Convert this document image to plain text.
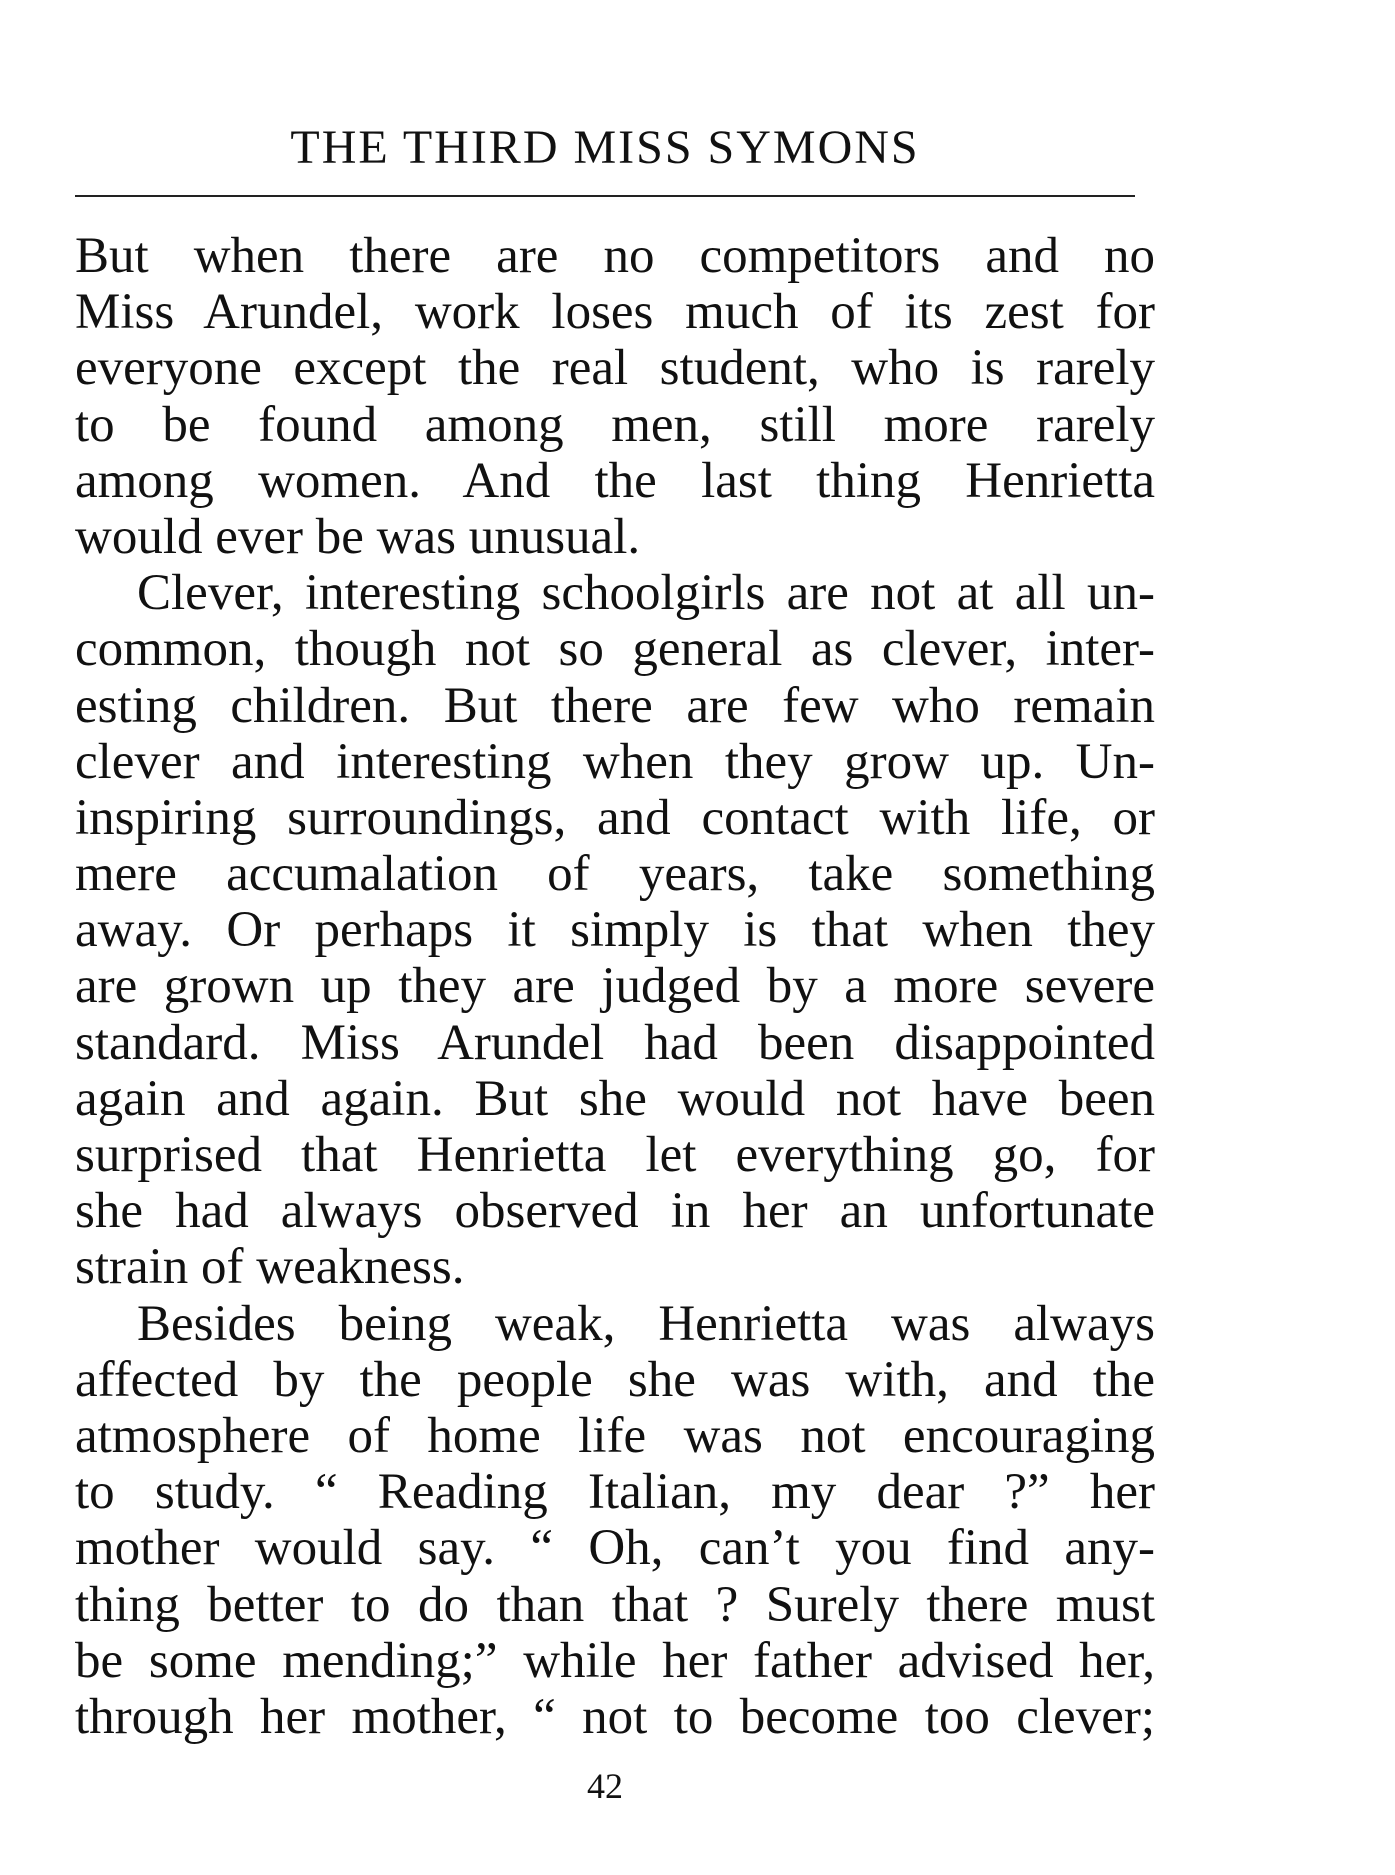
THE THIRD MISS SYMONS
But when there are no competitors and no
Miss Arundel, work loses much of its zest for
everyone except the real student, who is rarely
to be found among men, still more rarely
among women. And the last thing Henrietta
would ever be was unusual.
Clever, interesting schoolgirls are not at all un-
common, though not so general as clever, inter-
esting children. But there are few who remain
clever and interesting when they grow up. Un-
inspiring surroundings, and contact with life, or
mere accumalation of years, take something
away. Or perhaps it simply is that when they
are grown up they are judged by a more severe
standard. Miss Arundel had been disappointed
again and again. But she would not have been
surprised that Henrietta let everything go, for
she had always observed in her an unfortunate
strain of weakness.
Besides being weak, Henrietta was always
affected by the people she was with, and the
atmosphere of home life was not encouraging
to study. “ Reading Italian, my dear ?” her
mother would say. “ Oh, can’t you find any-
thing better to do than that ? Surely there must
be some mending;” while her father advised her,
through her mother, “ not to become too clever;
42
